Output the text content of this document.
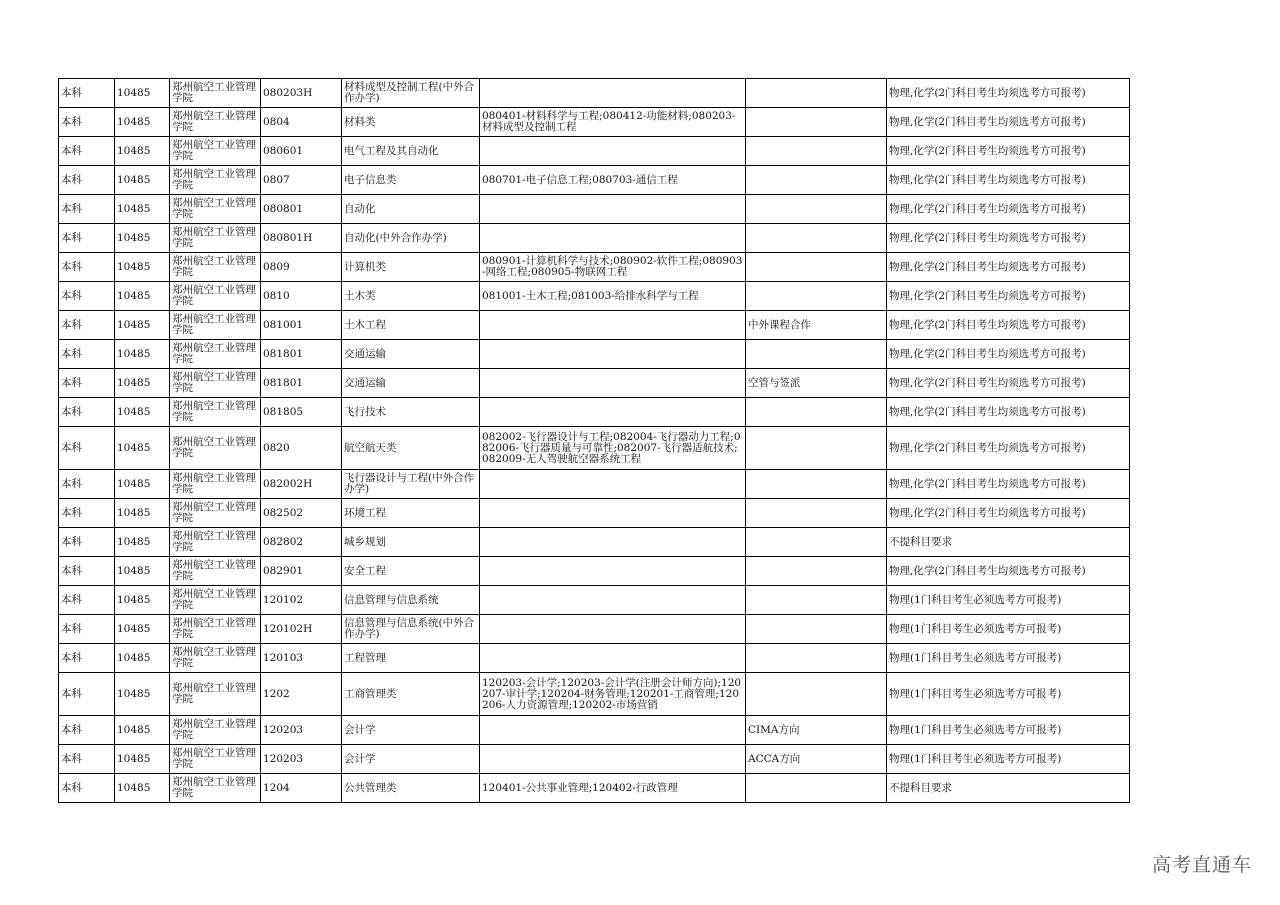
本科	10485	郑州航空工业管理学院	080203H	材料成型及控制工程(中外合作办学)			物理,化学(2门科目考生均须选考方可报考)
本科	10485	郑州航空工业管理学院	0804	材料类	080401-材料科学与工程;080412-功能材料;080203-材料成型及控制工程		物理,化学(2门科目考生均须选考方可报考)
本科	10485	郑州航空工业管理学院	080601	电气工程及其自动化			物理,化学(2门科目考生均须选考方可报考)
本科	10485	郑州航空工业管理学院	0807	电子信息类	080701-电子信息工程;080703-通信工程		物理,化学(2门科目考生均须选考方可报考)
本科	10485	郑州航空工业管理学院	080801	自动化			物理,化学(2门科目考生均须选考方可报考)
本科	10485	郑州航空工业管理学院	080801H	自动化(中外合作办学)			物理,化学(2门科目考生均须选考方可报考)
本科	10485	郑州航空工业管理学院	0809	计算机类	080901-计算机科学与技术;080902-软件工程;080903-网络工程;080905-物联网工程		物理,化学(2门科目考生均须选考方可报考)
本科	10485	郑州航空工业管理学院	0810	土木类	081001-土木工程;081003-给排水科学与工程		物理,化学(2门科目考生均须选考方可报考)
本科	10485	郑州航空工业管理学院	081001	土木工程		中外课程合作	物理,化学(2门科目考生均须选考方可报考)
本科	10485	郑州航空工业管理学院	081801	交通运输			物理,化学(2门科目考生均须选考方可报考)
本科	10485	郑州航空工业管理学院	081801	交通运输		空管与签派	物理,化学(2门科目考生均须选考方可报考)
本科	10485	郑州航空工业管理学院	081805	飞行技术			物理,化学(2门科目考生均须选考方可报考)
本科	10485	郑州航空工业管理学院	0820	航空航天类	082002-飞行器设计与工程;082004-飞行器动力工程;082006-飞行器质量与可靠性;082007-飞行器适航技术;082009-无人驾驶航空器系统工程		物理,化学(2门科目考生均须选考方可报考)
本科	10485	郑州航空工业管理学院	082002H	飞行器设计与工程(中外合作办学)			物理,化学(2门科目考生均须选考方可报考)
本科	10485	郑州航空工业管理学院	082502	环境工程			物理,化学(2门科目考生均须选考方可报考)
本科	10485	郑州航空工业管理学院	082802	城乡规划			不提科目要求
本科	10485	郑州航空工业管理学院	082901	安全工程			物理,化学(2门科目考生均须选考方可报考)
本科	10485	郑州航空工业管理学院	120102	信息管理与信息系统			物理(1门科目考生必须选考方可报考)
本科	10485	郑州航空工业管理学院	120102H	信息管理与信息系统(中外合作办学)			物理(1门科目考生必须选考方可报考)
本科	10485	郑州航空工业管理学院	120103	工程管理			物理(1门科目考生必须选考方可报考)
本科	10485	郑州航空工业管理学院	1202	工商管理类	120203-会计学;120203-会计学(注册会计师方向);120207-审计学;120204-财务管理;120201-工商管理;120206-人力资源管理;120202-市场营销		物理(1门科目考生必须选考方可报考)
本科	10485	郑州航空工业管理学院	120203	会计学		CIMA方向	物理(1门科目考生必须选考方可报考)
本科	10485	郑州航空工业管理学院	120203	会计学		ACCA方向	物理(1门科目考生必须选考方可报考)
本科	10485	郑州航空工业管理学院	1204	公共管理类	120401-公共事业管理;120402-行政管理		不提科目要求
高考直通车
